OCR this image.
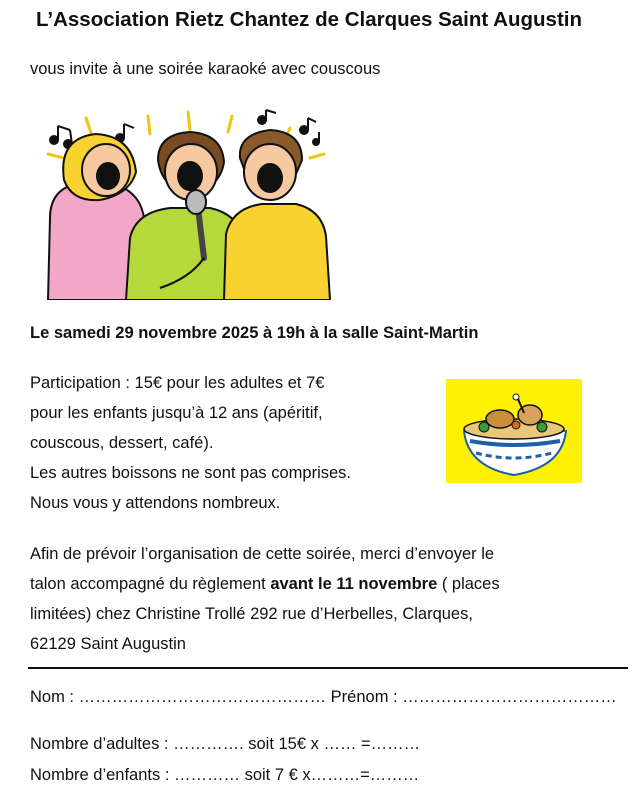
L’Association Rietz Chantez de Clarques Saint Augustin
vous invite à une soirée karaoké avec couscous
Le samedi 29 novembre 2025 à 19h à la salle Saint-Martin
Participation : 15€ pour les adultes et 7€
pour les enfants jusqu’à 12 ans (apéritif,
couscous, dessert, café).
Les autres boissons ne sont pas comprises.
Nous vous y attendons nombreux.
Afin de prévoir l’organisation de cette soirée, merci d’envoyer le
talon accompagné du règlement avant le 11 novembre ( places
limitées) chez Christine Trollé 292 rue d’Herbelles, Clarques,
62129 Saint Augustin
Nom : ……………………………………… Prénom : …………………………………
Nombre d’adultes : …………. soit 15€ x …… =………
Nombre d’enfants : ………… soit 7 € x………=………
